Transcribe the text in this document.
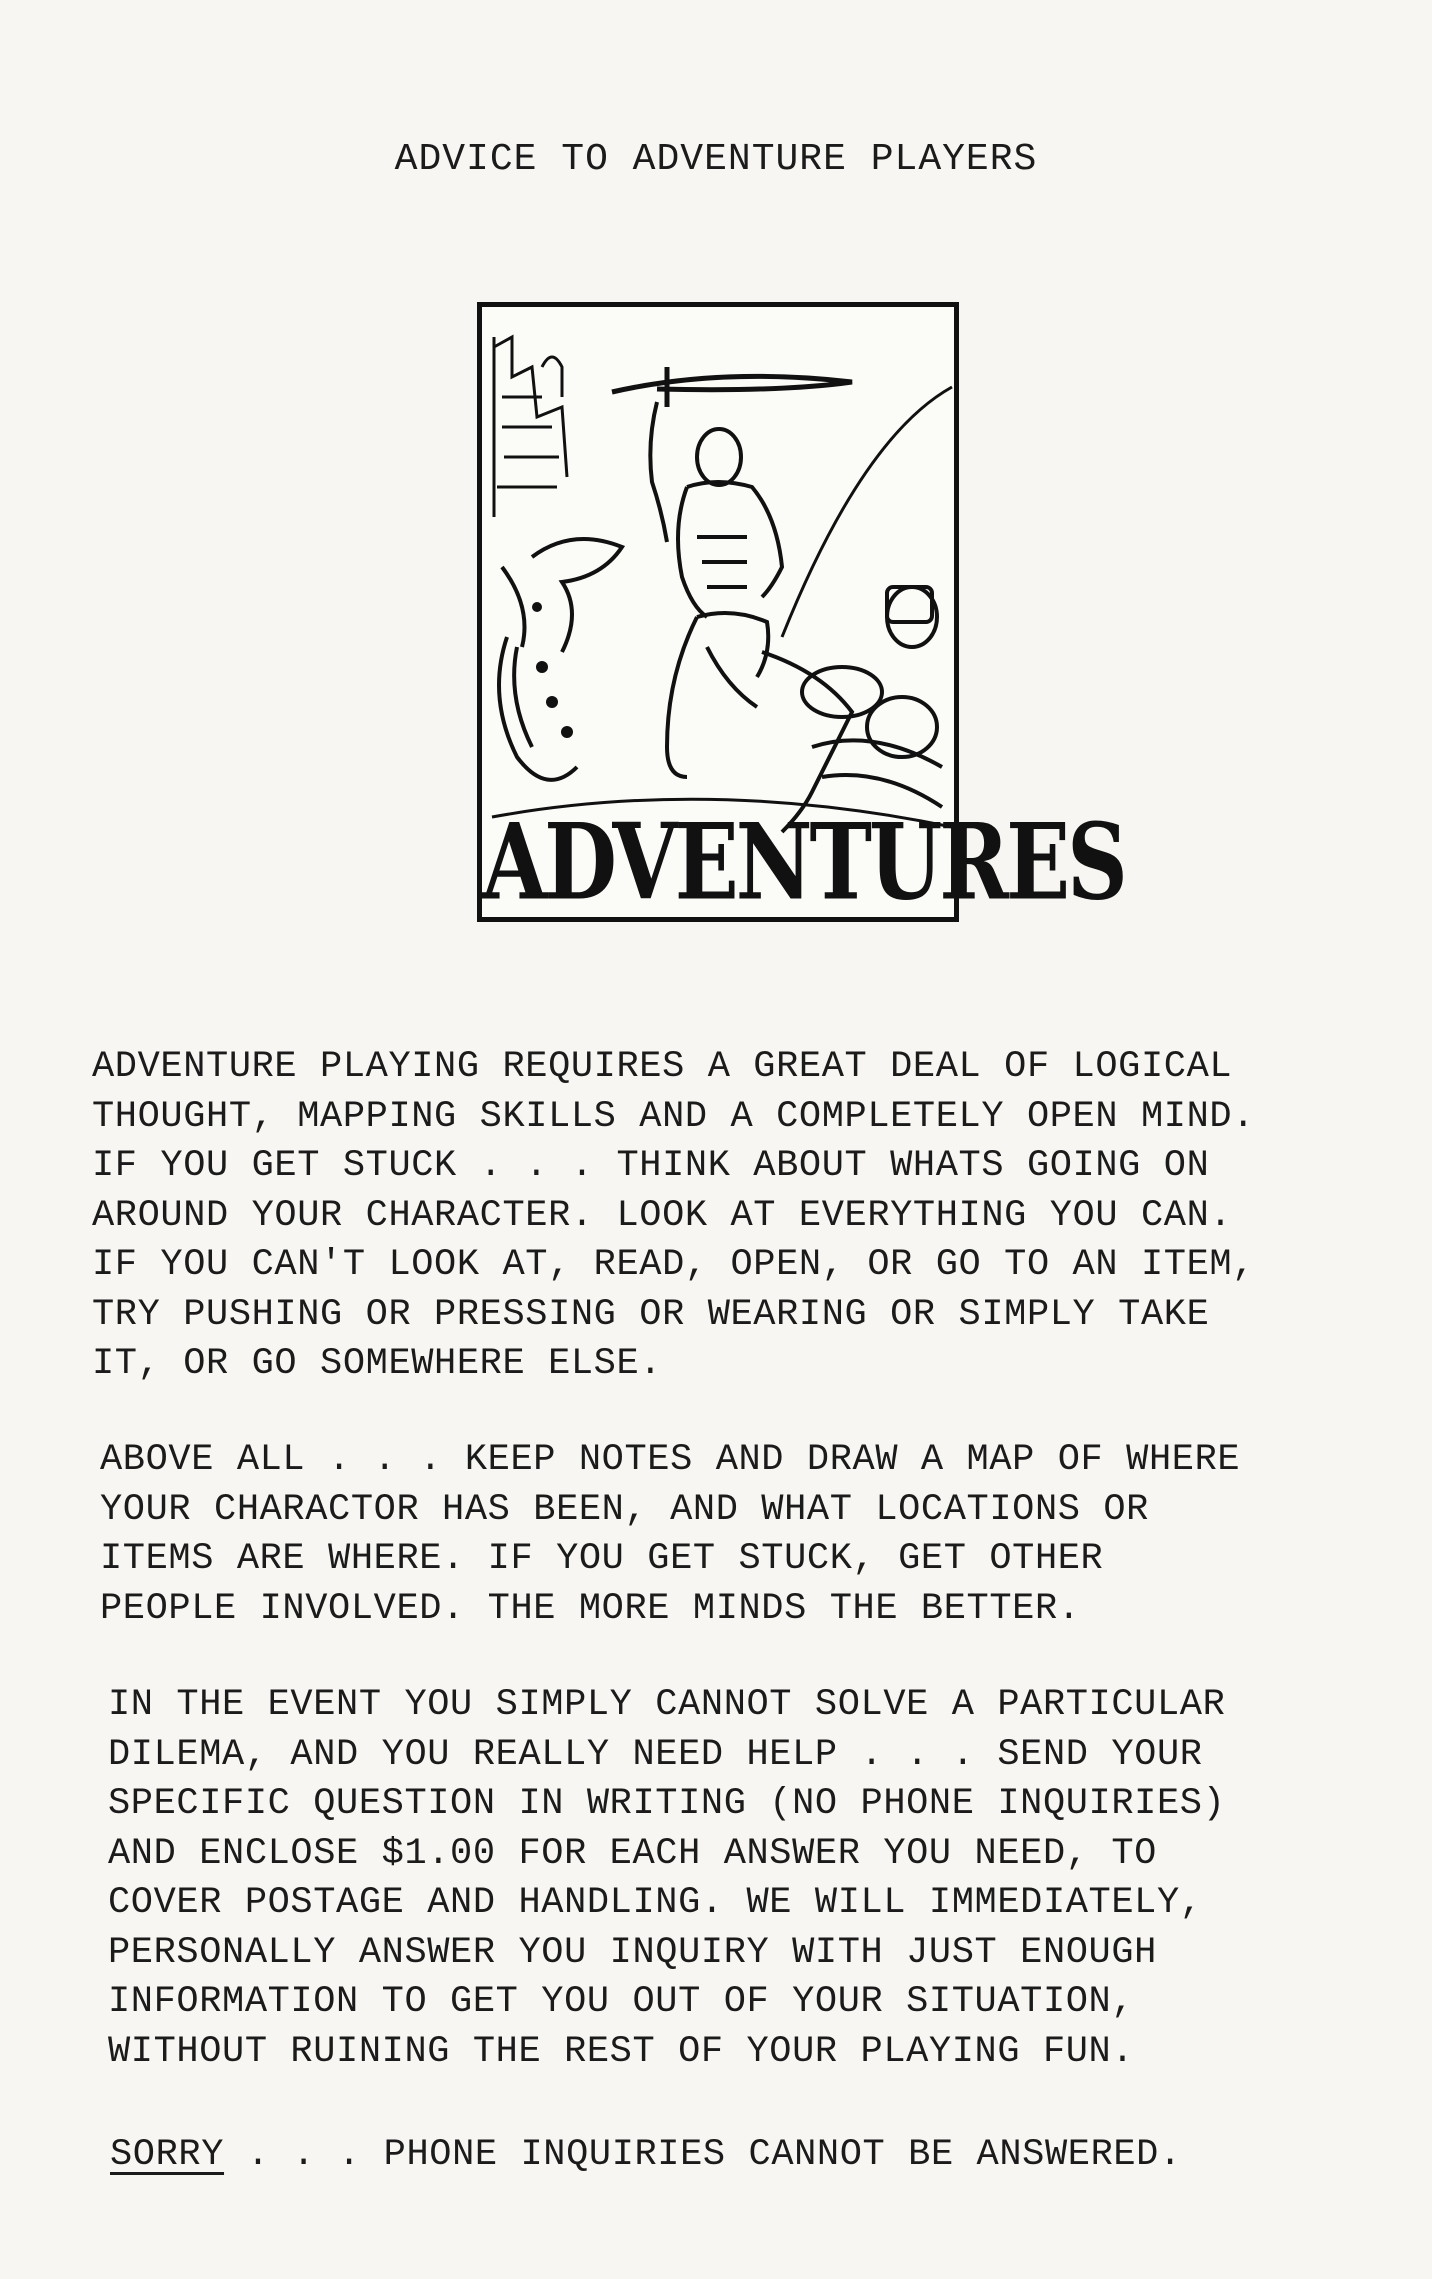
ADVICE TO ADVENTURE PLAYERS
ADVENTURES

ADVENTURE PLAYING REQUIRES A GREAT DEAL OF LOGICAL
THOUGHT, MAPPING SKILLS AND A COMPLETELY OPEN MIND.
IF YOU GET STUCK . . . THINK ABOUT WHATS GOING ON
AROUND YOUR CHARACTER. LOOK AT EVERYTHING YOU CAN.
IF YOU CAN'T LOOK AT, READ, OPEN, OR GO TO AN ITEM,
TRY PUSHING OR PRESSING OR WEARING OR SIMPLY TAKE
IT, OR GO SOMEWHERE ELSE.

ABOVE ALL . . . KEEP NOTES AND DRAW A MAP OF WHERE
YOUR CHARACTOR HAS BEEN, AND WHAT LOCATIONS OR
ITEMS ARE WHERE. IF YOU GET STUCK, GET OTHER
PEOPLE INVOLVED. THE MORE MINDS THE BETTER.

IN THE EVENT YOU SIMPLY CANNOT SOLVE A PARTICULAR
DILEMA, AND YOU REALLY NEED HELP . . . SEND YOUR
SPECIFIC QUESTION IN WRITING (NO PHONE INQUIRIES)
AND ENCLOSE $1.00 FOR EACH ANSWER YOU NEED, TO
COVER POSTAGE AND HANDLING. WE WILL IMMEDIATELY,
PERSONALLY ANSWER YOU INQUIRY WITH JUST ENOUGH
INFORMATION TO GET YOU OUT OF YOUR SITUATION,
WITHOUT RUINING THE REST OF YOUR PLAYING FUN.

SORRY . . . PHONE INQUIRIES CANNOT BE ANSWERED.
